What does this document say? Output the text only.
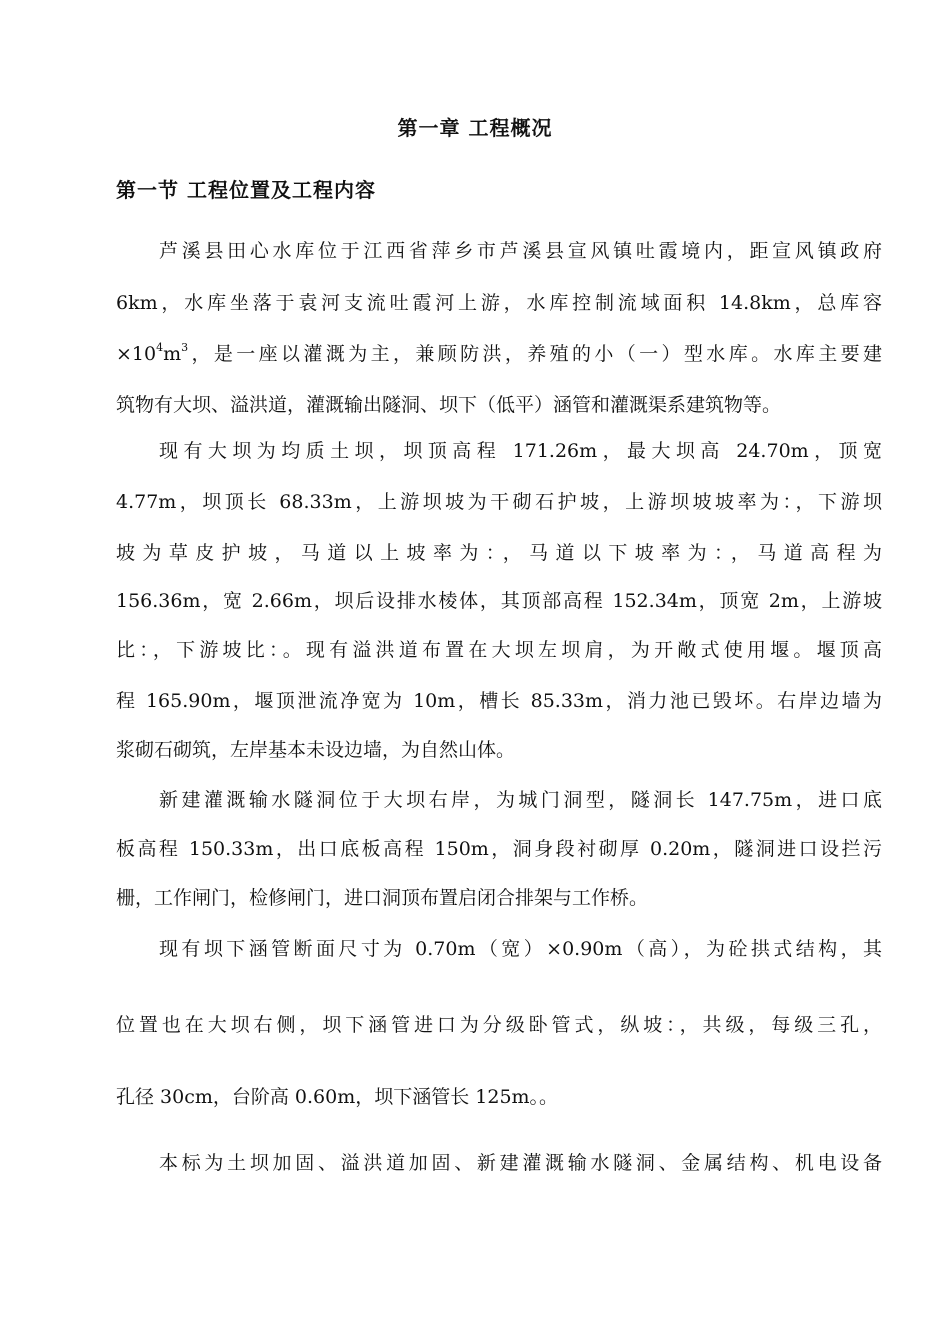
第一章 工程概况
第一节 工程位置及工程内容
芦溪县田心水库位于江西省萍乡市芦溪县宣风镇吐霞境内，距宣风镇政府
6km，水库坐落于袁河支流吐霞河上游，水库控制流域面积 14.8km，总库容
$\times 10^4m^3$，是一座以灌溉为主，兼顾防洪，养殖的小（一）型水库。水库主要建
筑物有大坝、溢洪道，灌溉输出隧洞、坝下（低平）涵管和灌溉渠系建筑物等。
现有大坝为均质土坝，坝顶高程 171.26m，最大坝高 24.70m，顶宽
4.77m，坝顶长 68.33m，上游坝坡为干砌石护坡，上游坝坡坡率为：，下游坝
坡为草皮护坡，马道以上坡率为：，马道以下坡率为：，马道高程为
156.36m，宽 2.66m，坝后设排水棱体，其顶部高程 152.34m，顶宽 2m，上游坡
比：，下游坡比：。现有溢洪道布置在大坝左坝肩，为开敞式使用堰。堰顶高
程 165.90m，堰顶泄流净宽为 10m，槽长 85.33m，消力池已毁坏。右岸边墙为
浆砌石砌筑，左岸基本未设边墙，为自然山体。
新建灌溉输水隧洞位于大坝右岸，为城门洞型，隧洞长 147.75m，进口底
板高程 150.33m，出口底板高程 150m，洞身段衬砌厚 0.20m，隧洞进口设拦污
栅，工作闸门，检修闸门，进口洞顶布置启闭合排架与工作桥。
现有坝下涵管断面尺寸为 0.70m（宽）×0.90m（高），为砼拱式结构，其
位置也在大坝右侧，坝下涵管进口为分级卧管式，纵坡：，共级，每级三孔，
孔径 30cm，台阶高 0.60m，坝下涵管长 125m。。
本标为土坝加固、溢洪道加固、新建灌溉输水隧洞、金属结构、机电设备
